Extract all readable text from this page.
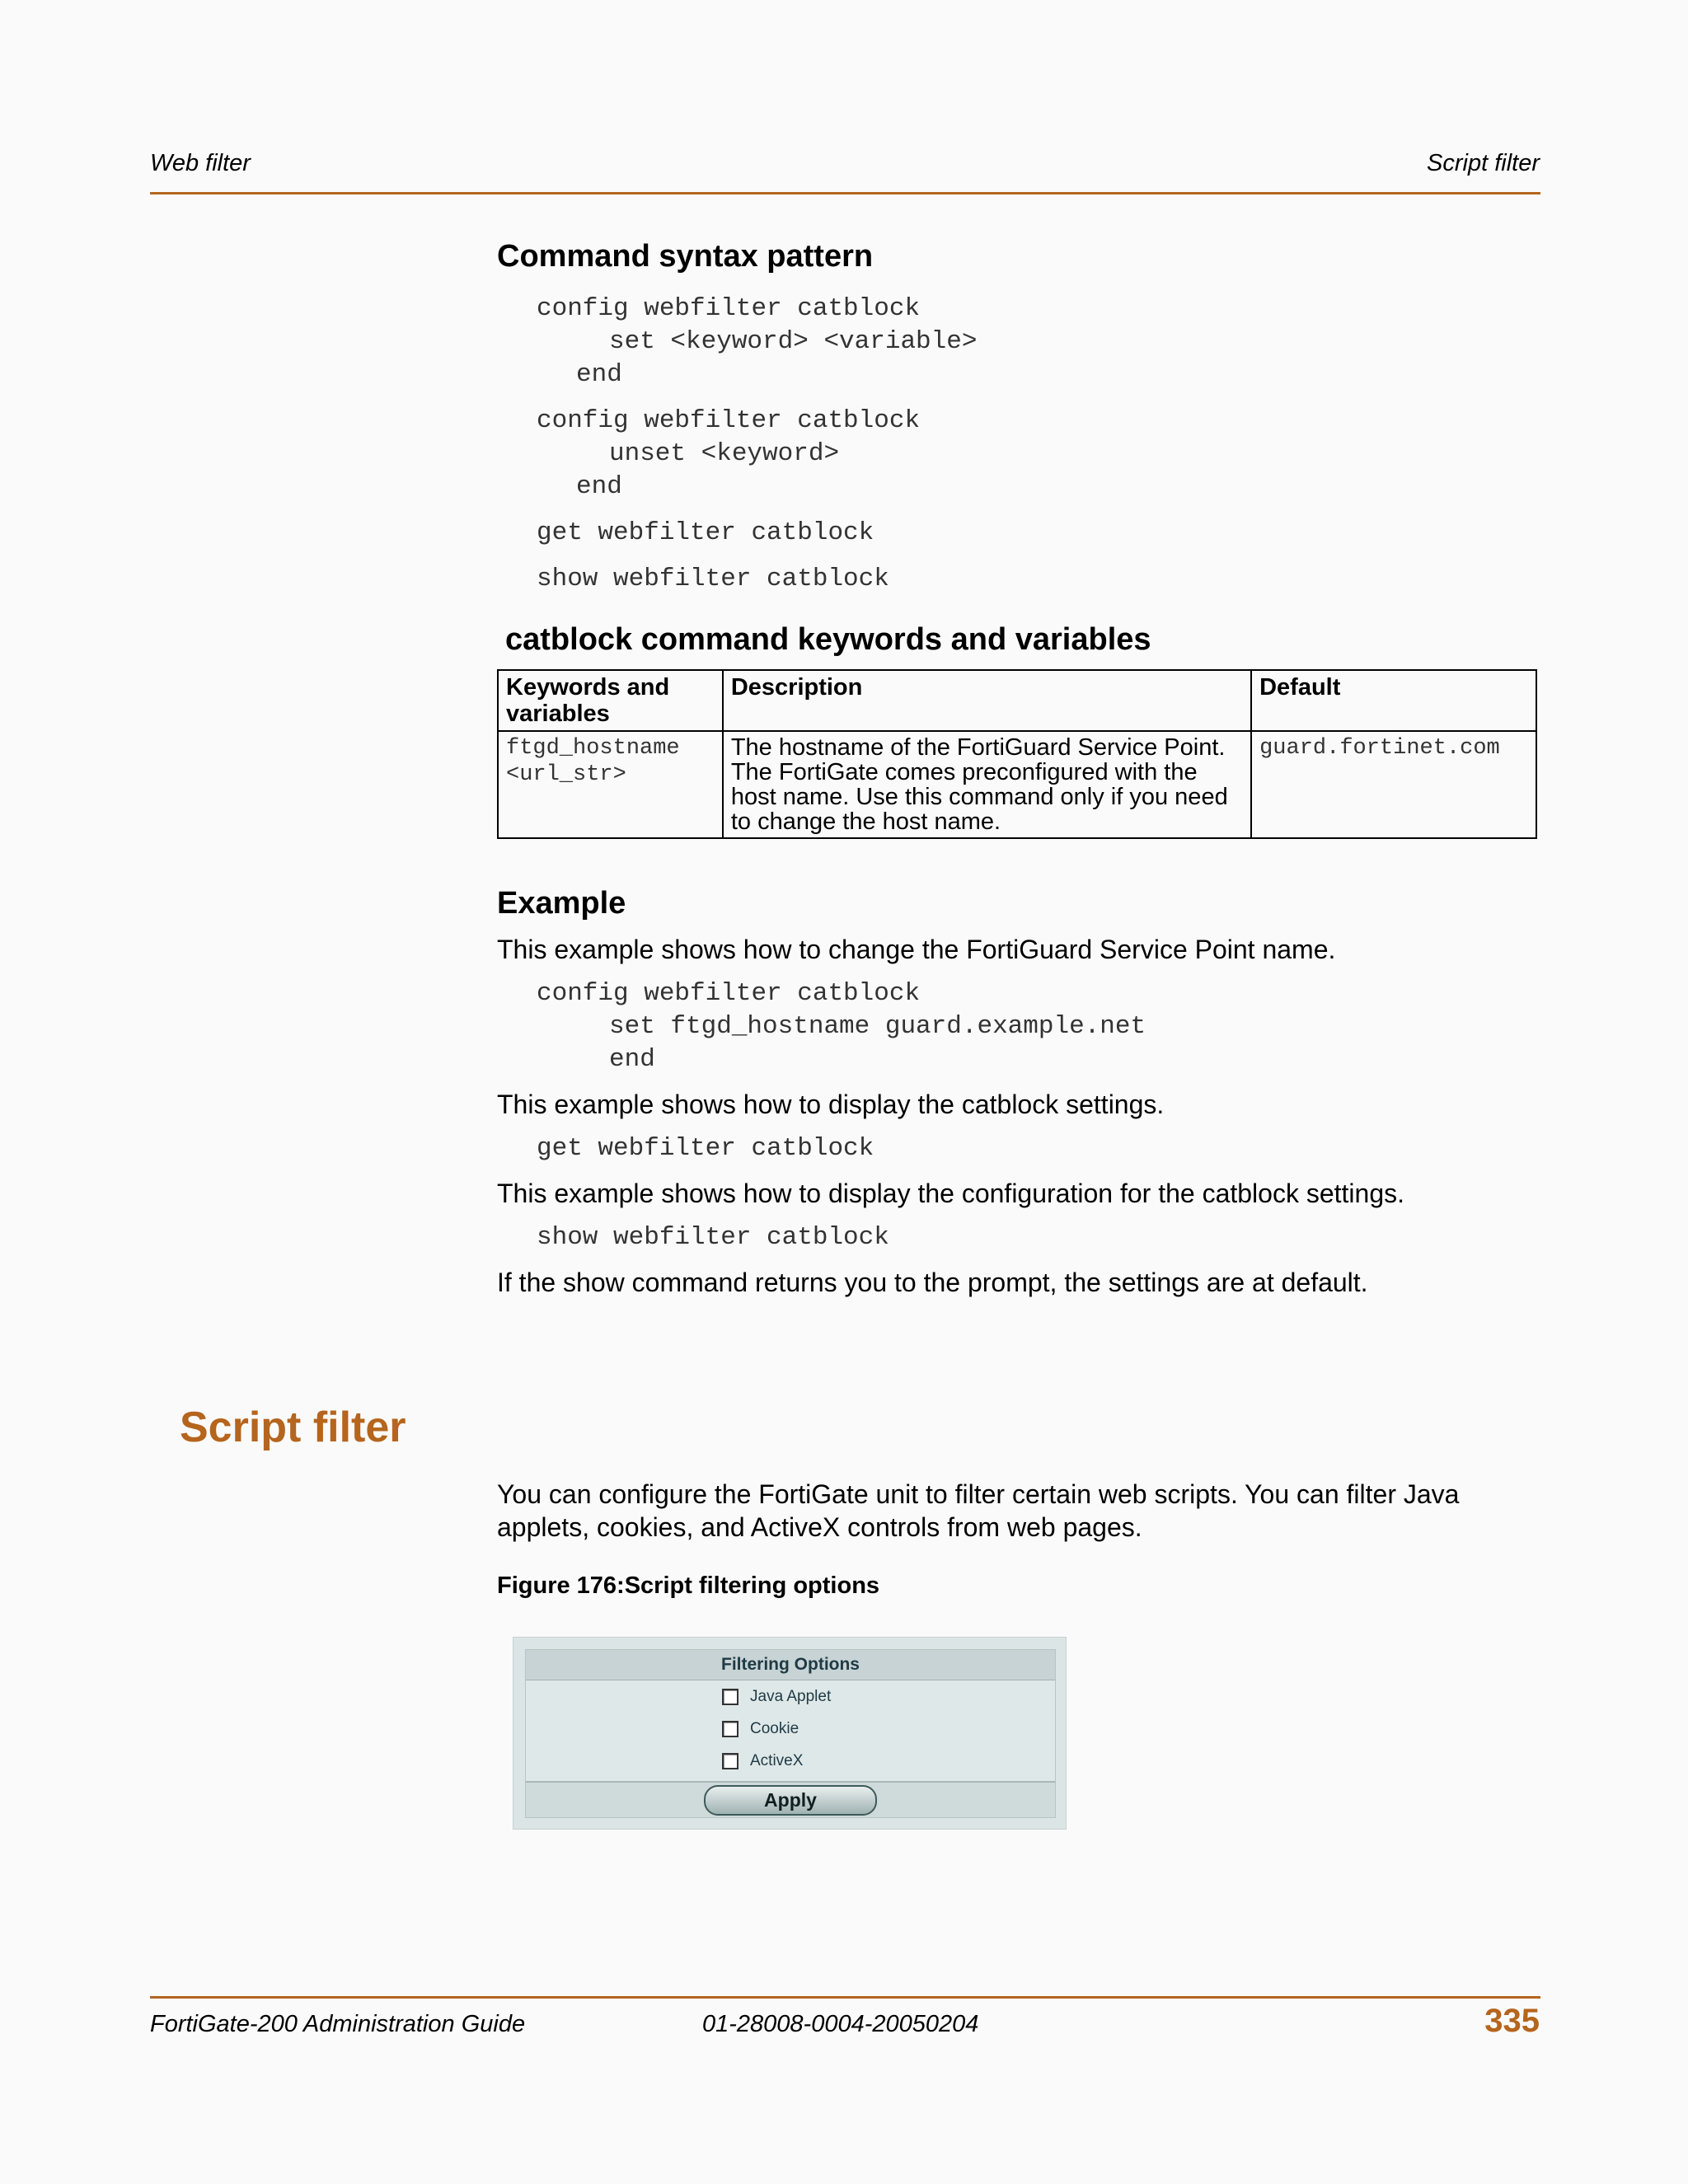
Web filter	Script filter
Command syntax pattern

config webfilter catblock

set <keyword> <variable>

end

config webfilter catblock

unset <keyword>

end

get webfilter catblock

show webfilter catblock

catblock command keywords and variables
Keywords and variables	Description	Default
ftgd_hostname <url_str>	The hostname of the FortiGuard Service Point. The FortiGate comes preconfigured with the host name. Use this command only if you need to change the host name.	guard.fortinet.com
Example

This example shows how to change the FortiGuard Service Point name.

config webfilter catblock

set ftgd_hostname guard.example.net

end

This example shows how to display the catblock settings.

get webfilter catblock

This example shows how to display the configuration for the catblock settings.

show webfilter catblock

If the show command returns you to the prompt, the settings are at default.

Script filter

You can configure the FortiGate unit to filter certain web scripts. You can filter Java applets, cookies, and ActiveX controls from web pages.

Figure 176:Script filtering options
Filtering Options
Java Applet
Cookie
ActiveX
Apply
FortiGate-200 Administration Guide	01-28008-0004-20050204	335
